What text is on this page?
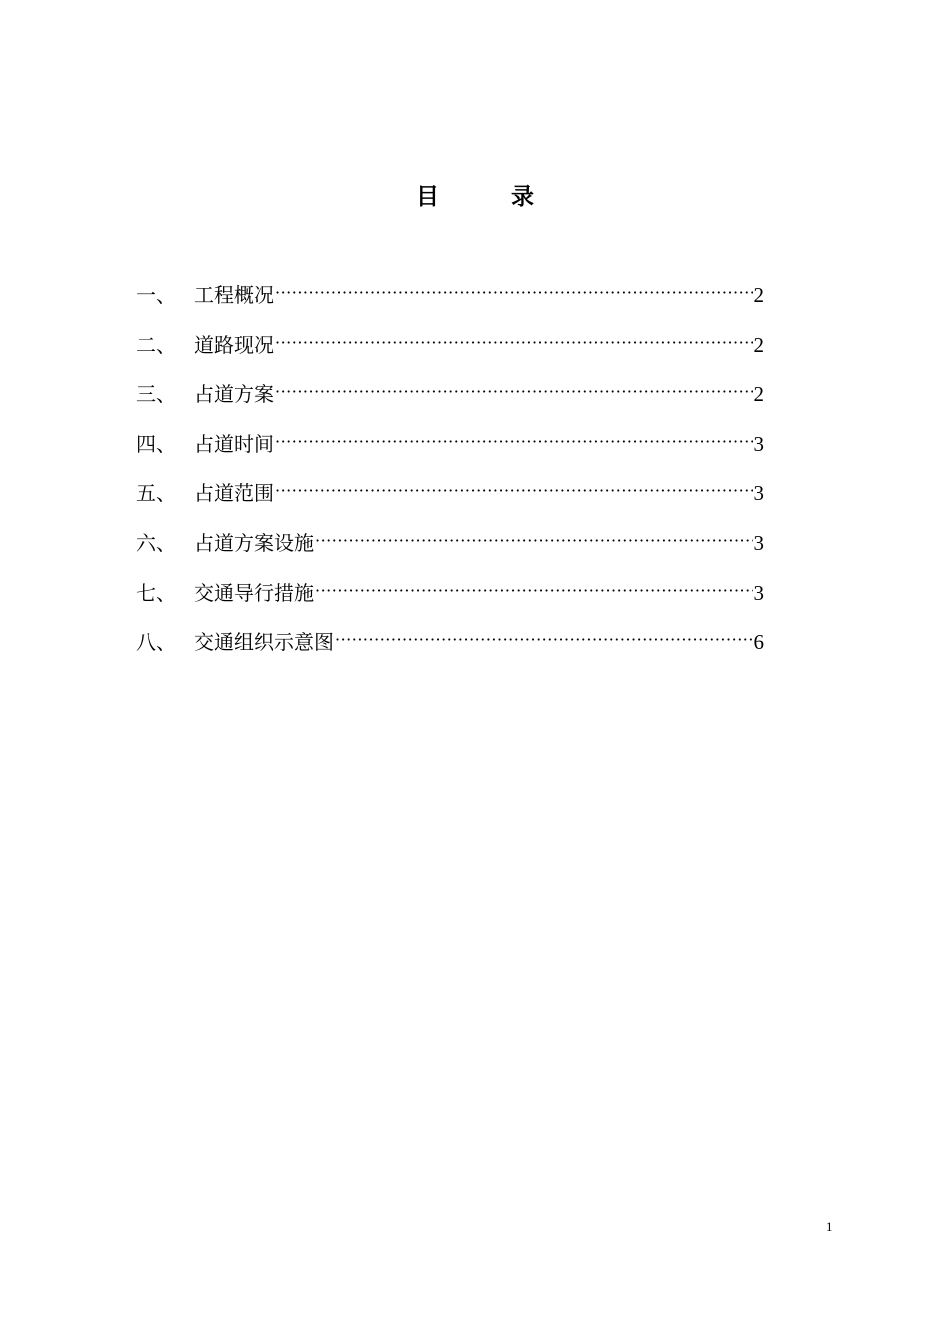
目	录
一、 工程概况 ·····	2
二、 道路现况 ·····	2
三、 占道方案 ·····	2
四、 占道时间 ·····	3
五、 占道范围 ·····	3
六、 占道方案设施 ·····	3
七、 交通导行措施 ·····	3
八、 交通组织示意图 ·····	6
1
